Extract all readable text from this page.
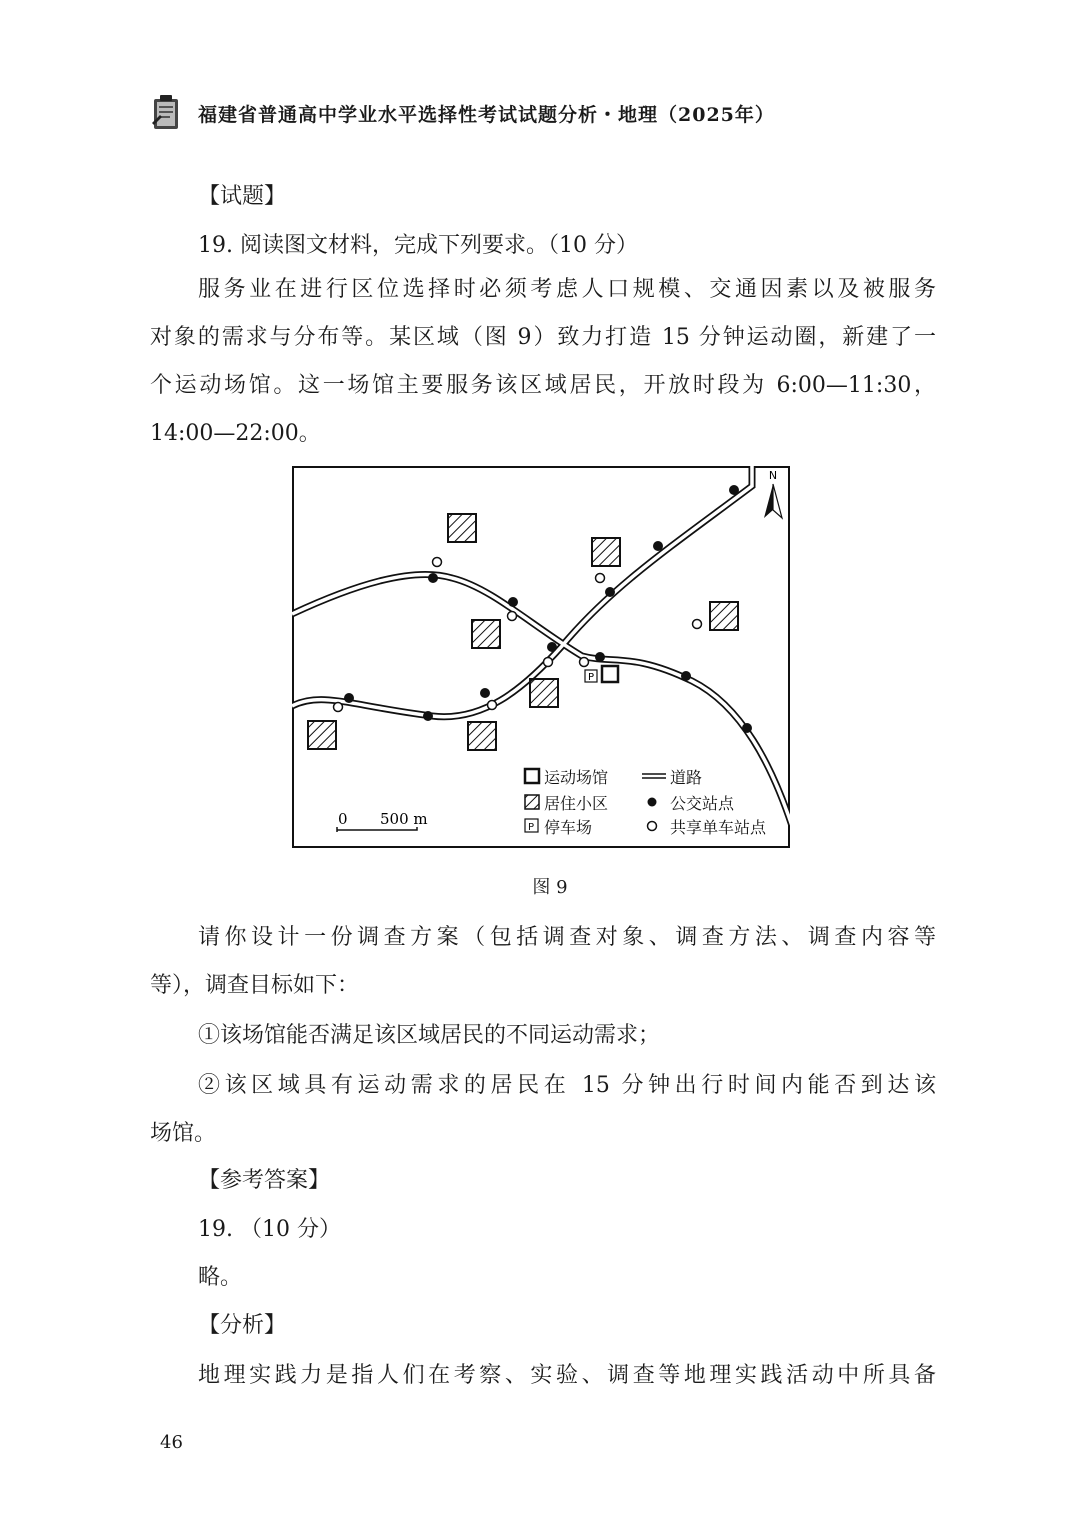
福建省普通高中学业水平选择性考试试题分析・地理（2025年）
【试题】
19. 阅读图文材料，完成下列要求。（10 分）
服务业在进行区位选择时必须考虑人口规模、交通因素以及被服务
对象的需求与分布等。某区域（图 9）致力打造 15 分钟运动圈，新建了一
个运动场馆。这一场馆主要服务该区域居民，开放时段为 6:00—11:30，
14:00—22:00。
P
N
0 500 m
运动场馆	道路
居住小区	公交站点
P 停车场	共享单车站点
图 9
请你设计一份调查方案（包括调查对象、调查方法、调查内容等
等），调查目标如下：
①该场馆能否满足该区域居民的不同运动需求；
②该区域具有运动需求的居民在 15 分钟出行时间内能否到达该
场馆。
【参考答案】
19. （10 分）
略。
【分析】
地理实践力是指人们在考察、实验、调查等地理实践活动中所具备
46
